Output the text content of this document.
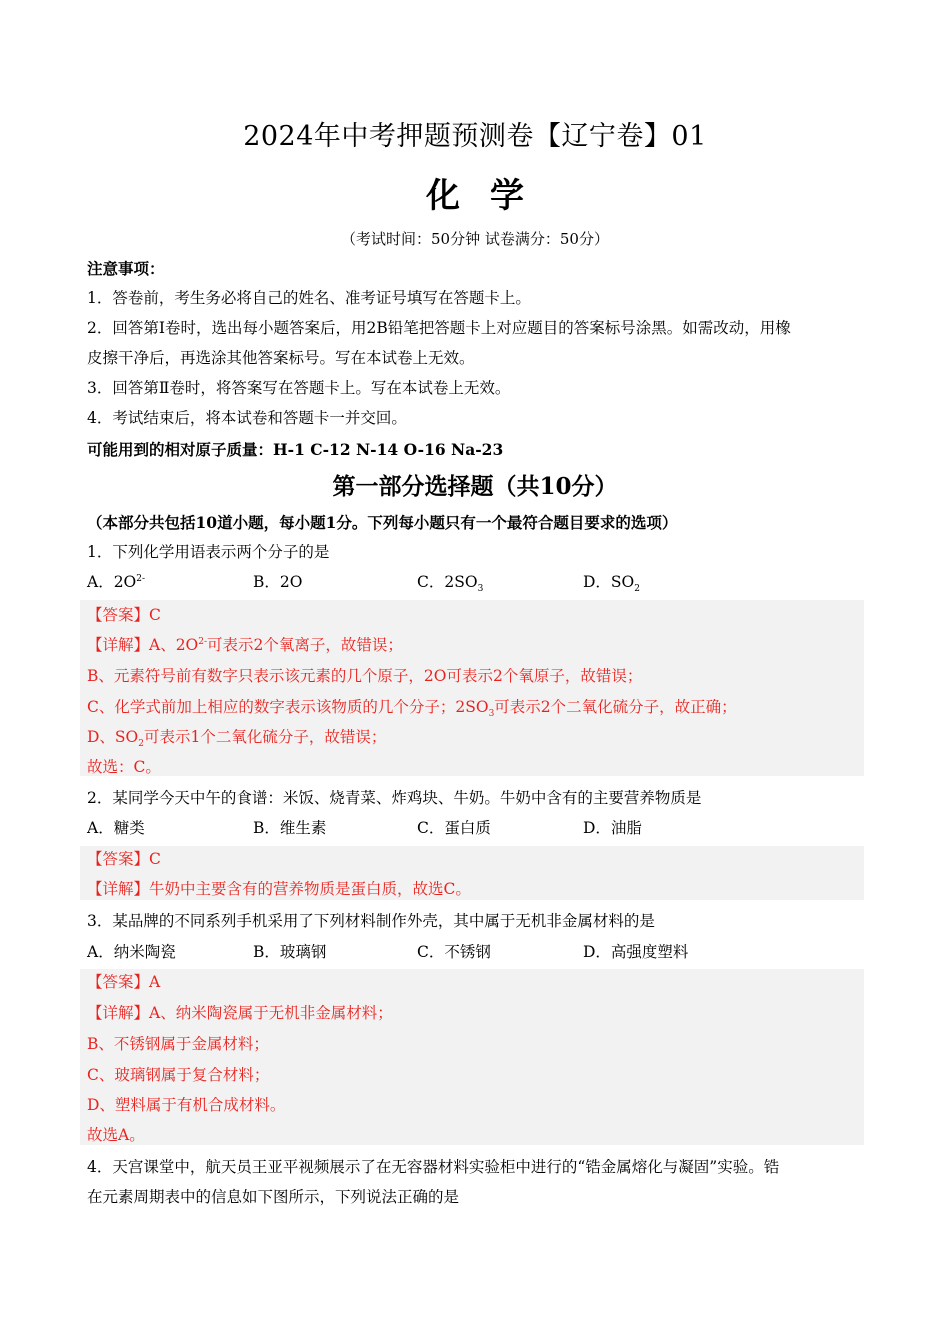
2024年中考押题预测卷【辽宁卷】01
化学
（考试时间：50分钟 试卷满分：50分）
注意事项：
1．答卷前，考生务必将自己的姓名、准考证号填写在答题卡上。
2．回答第Ⅰ卷时，选出每小题答案后，用2B铅笔把答题卡上对应题目的答案标号涂黑。如需改动，用橡
皮擦干净后，再选涂其他答案标号。写在本试卷上无效。
3．回答第Ⅱ卷时，将答案写在答题卡上。写在本试卷上无效。
4．考试结束后，将本试卷和答题卡一并交回。
可能用到的相对原子质量：H-1 C-12 N-14 O-16 Na-23
第一部分选择题（共10分）
（本部分共包括10道小题，每小题1分。下列每小题只有一个最符合题目要求的选项）
1．下列化学用语表示两个分子的是
A．$2O^{2-}$	B．2O	C．$2SO_3$	D．$SO_2$
【答案】C
【详解】A、$2O^{2-}$可表示2个氧离子，故错误；
B、元素符号前有数字只表示该元素的几个原子，2O可表示2个氧原子，故错误；
C、化学式前加上相应的数字表示该物质的几个分子；$2SO_3$可表示2个二氧化硫分子，故正确；
D、$SO_2$可表示1个二氧化硫分子，故错误；
故选：C。
2．某同学今天中午的食谱：米饭、烧青菜、炸鸡块、牛奶。牛奶中含有的主要营养物质是
A．糖类	B．维生素	C．蛋白质	D．油脂
【答案】C
【详解】牛奶中主要含有的营养物质是蛋白质，故选C。
3．某品牌的不同系列手机采用了下列材料制作外壳，其中属于无机非金属材料的是
A．纳米陶瓷	B．玻璃钢	C．不锈钢	D．高强度塑料
【答案】A
【详解】A、纳米陶瓷属于无机非金属材料；
B、不锈钢属于金属材料；
C、玻璃钢属于复合材料；
D、塑料属于有机合成材料。
故选A。
4．天宫课堂中，航天员王亚平视频展示了在无容器材料实验柜中进行的“锆金属熔化与凝固”实验。锆
在元素周期表中的信息如下图所示，下列说法正确的是
